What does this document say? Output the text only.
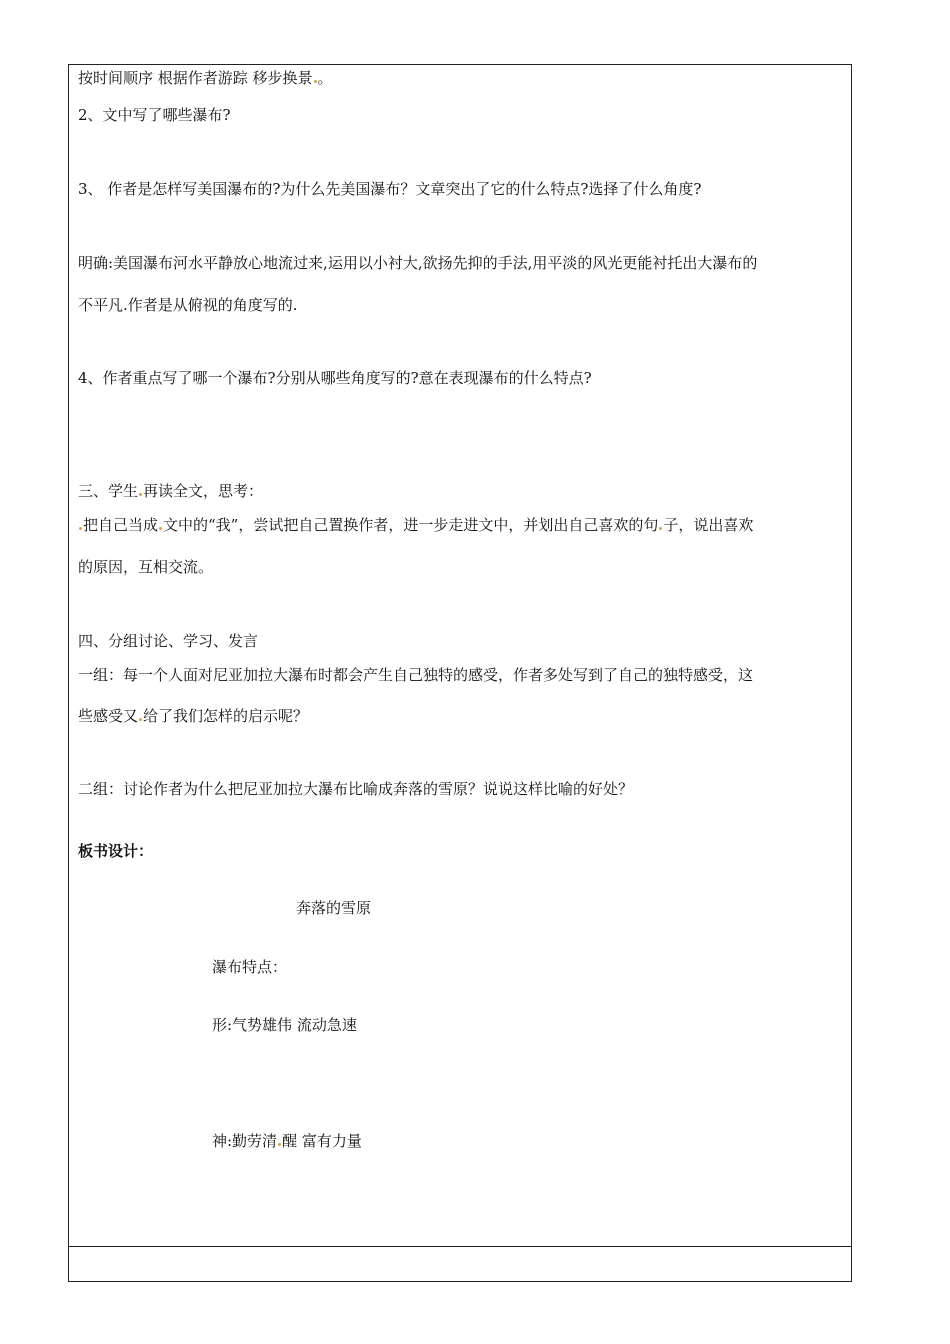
按时间顺序 根据作者游踪 移步换景 。
2、文中写了哪些瀑布?
3、 作者是怎样写美国瀑布的?为什么先美国瀑布？文章突出了它的什么特点?选择了什么角度?
明确:美国瀑布河水平静放心地流过来,运用以小衬大,欲扬先抑的手法,用平淡的风光更能衬托出大瀑布的
不平凡.作者是从俯视的角度写的.
4、作者重点写了哪一个瀑布?分别从哪些角度写的?意在表现瀑布的什么特点?
三、学生 再读全文，思考：
把自己当成 文中的“我”，尝试把自己置换作者，进一步走进文中，并划出自己喜欢的句 子，说出喜欢
的原因，互相交流。
四、分组讨论、学习、发言
一组：每一个人面对尼亚加拉大瀑布时都会产生自己独特的感受，作者多处写到了自己的独特感受，这
些感受又 给了我们怎样的启示呢？
二组：讨论作者为什么把尼亚加拉大瀑布比喻成奔落的雪原？说说这样比喻的好处？
板书设计：
奔落的雪原
瀑布特点：
形:气势雄伟 流动急速
神:勤劳清 醒 富有力量
